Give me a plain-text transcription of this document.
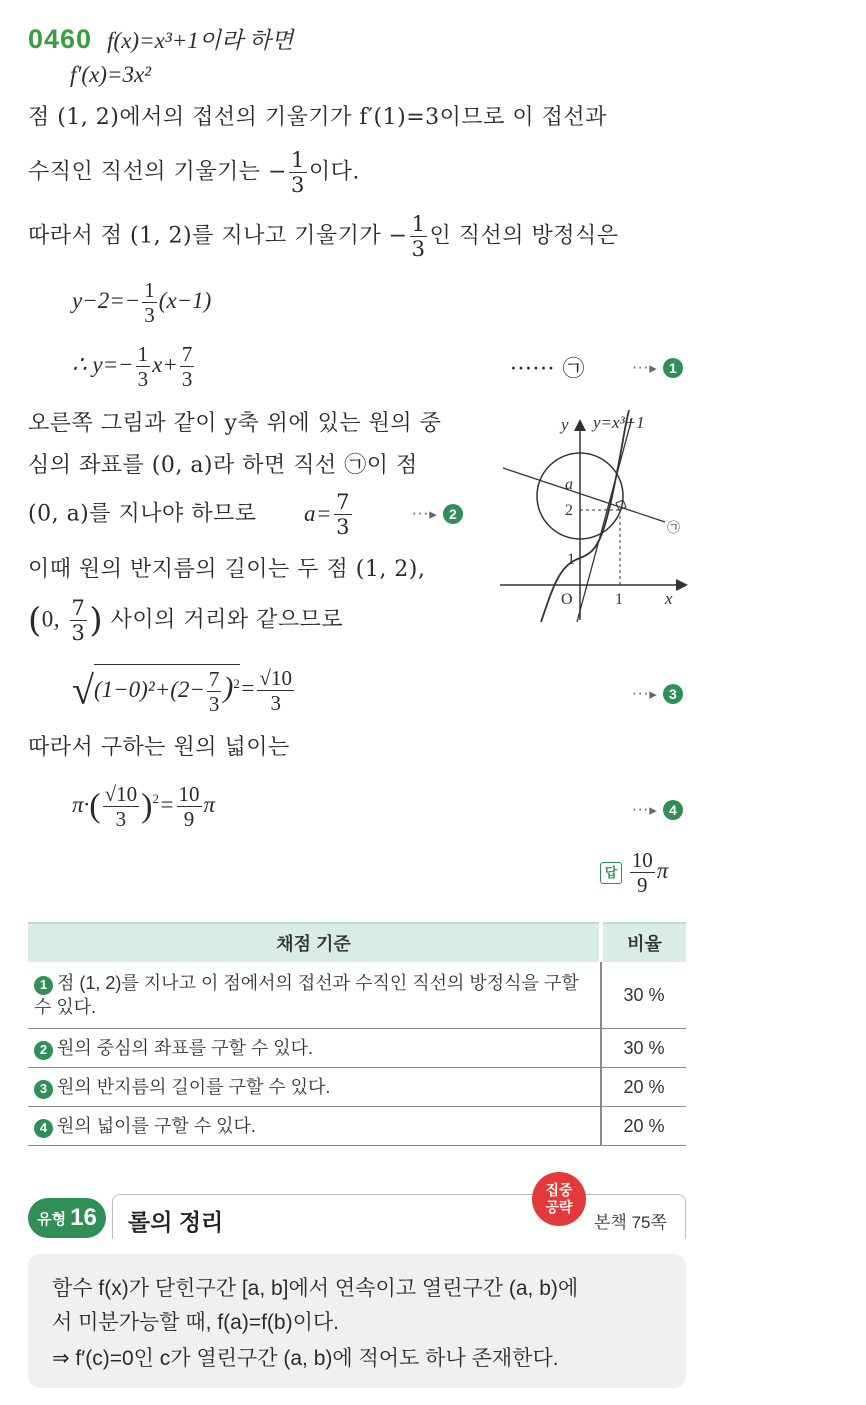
0460 f(x)=x³+1이라 하면
f′(x)=3x²
점 (1, 2)에서의 접선의 기울기가 f′(1)=3이므로 이 접선과
수직인 직선의 기울기는 − $\frac{1}{3}$ 이다.
따라서 점 (1, 2)를 지나고 기울기가 − $\frac{1}{3}$ 인 직선의 방정식은
$y-2=- \frac{1}{3} (x-1)$
∴ $y=- \frac{1}{3} x+ \frac{7}{3}$	······ ㉠	···▸ 1
오른쪽 그림과 같이 y축 위에 있는 원의 중
심의 좌표를 (0, a)라 하면 직선 ㉠이 점
(0, a)를 지나야 하므로 $a= \frac{7}{3}$	···▸ 2
이때 원의 반지름의 길이는 두 점 (1, 2),
(0, $\frac{7}{3}$ ) 사이의 거리와 같으므로
$√(1-0)^2+(2- \frac{7}{3} )^2= \frac{√10}{3}$	···▸ 3
따라서 구하는 원의 넓이는
$\pi\cdot( \frac{√10}{3} )^2= \frac{10}{9}$ π	···▸ 4
답 $\frac{10}{9}$ π
y y=x³+1
a
2
1
O	1 x
㉠
채점 기준	비율
1 점 (1, 2)를 지나고 이 점에서의 접선과 수직인 직선의 방정식을 구할 수 있다.	30 %
2 원의 중심의 좌표를 구할 수 있다.	30 %
3 원의 반지름의 길이를 구할 수 있다.	20 %
4 원의 넓이를 구할 수 있다.	20 %
유형 16 롤의 정리
집중 공략
본책 75쪽
함수 f(x)가 닫힌구간 [a, b]에서 연속이고 열린구간 (a, b)에
서 미분가능할 때, f(a)=f(b)이다.
⇒ f′(c)=0인 c가 열린구간 (a, b)에 적어도 하나 존재한다.
